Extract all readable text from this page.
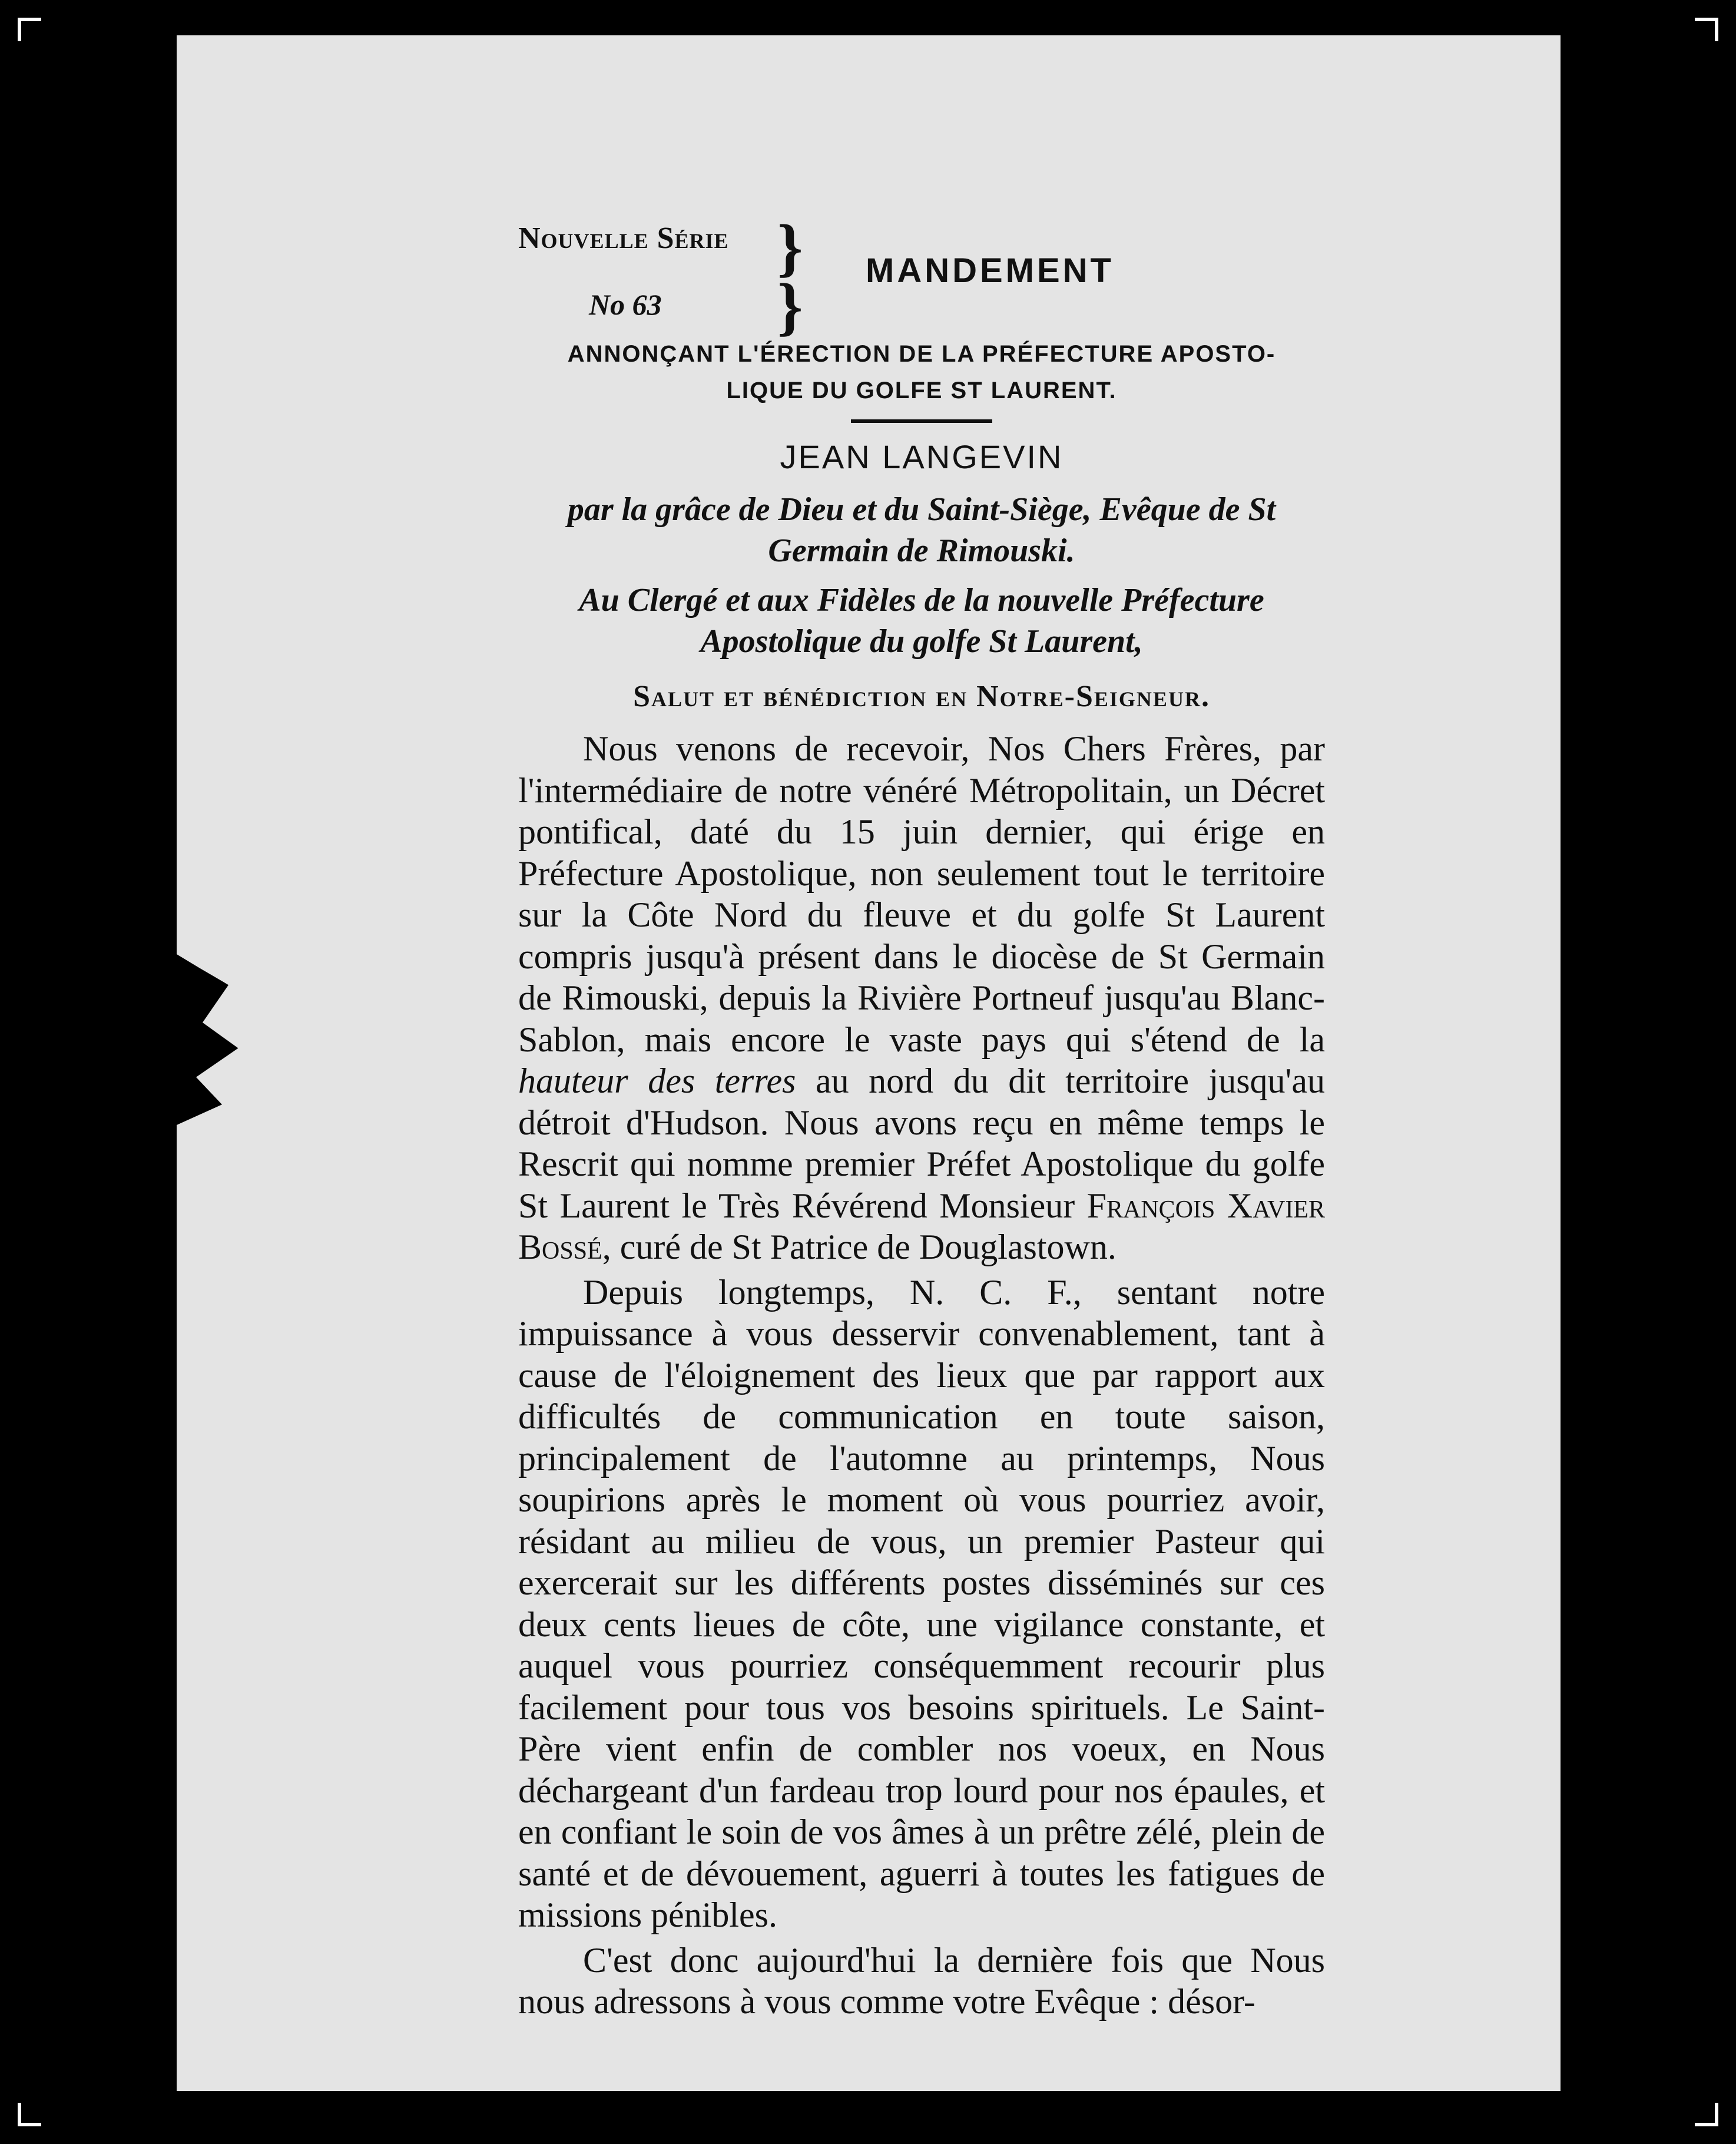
Nouvelle Série
No 63
}
} MANDEMENT
ANNONÇANT L'ÉRECTION DE LA PRÉFECTURE APOSTO-
LIQUE DU GOLFE ST LAURENT.
JEAN LANGEVIN
par la grâce de Dieu et du Saint-Siège, Evêque de St Germain de Rimouski.
Au Clergé et aux Fidèles de la nouvelle Préfecture Apostolique du golfe St Laurent,
Salut et bénédiction en Notre-Seigneur.

Nous venons de recevoir, Nos Chers Frères, par l'intermédiaire de notre vénéré Métropolitain, un Décret pontifical, daté du 15 juin dernier, qui érige en Préfecture Apostolique, non seulement tout le territoire sur la Côte Nord du fleuve et du golfe St Laurent compris jusqu'à présent dans le diocèse de St Germain de Rimouski, depuis la Rivière Portneuf jusqu'au Blanc-Sablon, mais encore le vaste pays qui s'étend de la hauteur des terres au nord du dit territoire jusqu'au détroit d'Hudson. Nous avons reçu en même temps le Rescrit qui nomme premier Préfet Apostolique du golfe St Laurent le Très Révérend Monsieur François Xavier Bossé, curé de St Patrice de Douglastown.

Depuis longtemps, N. C. F., sentant notre impuissance à vous desservir convenablement, tant à cause de l'éloignement des lieux que par rapport aux difficultés de communication en toute saison, principalement de l'automne au printemps, Nous soupirions après le moment où vous pourriez avoir, résidant au milieu de vous, un premier Pasteur qui exercerait sur les différents postes disséminés sur ces deux cents lieues de côte, une vigilance constante, et auquel vous pourriez conséquemment recourir plus facilement pour tous vos besoins spirituels. Le Saint-Père vient enfin de combler nos voeux, en Nous déchargeant d'un fardeau trop lourd pour nos épaules, et en confiant le soin de vos âmes à un prêtre zélé, plein de santé et de dévouement, aguerri à toutes les fatigues de missions pénibles.

C'est donc aujourd'hui la dernière fois que Nous nous adressons à vous comme votre Evêque : désor-
